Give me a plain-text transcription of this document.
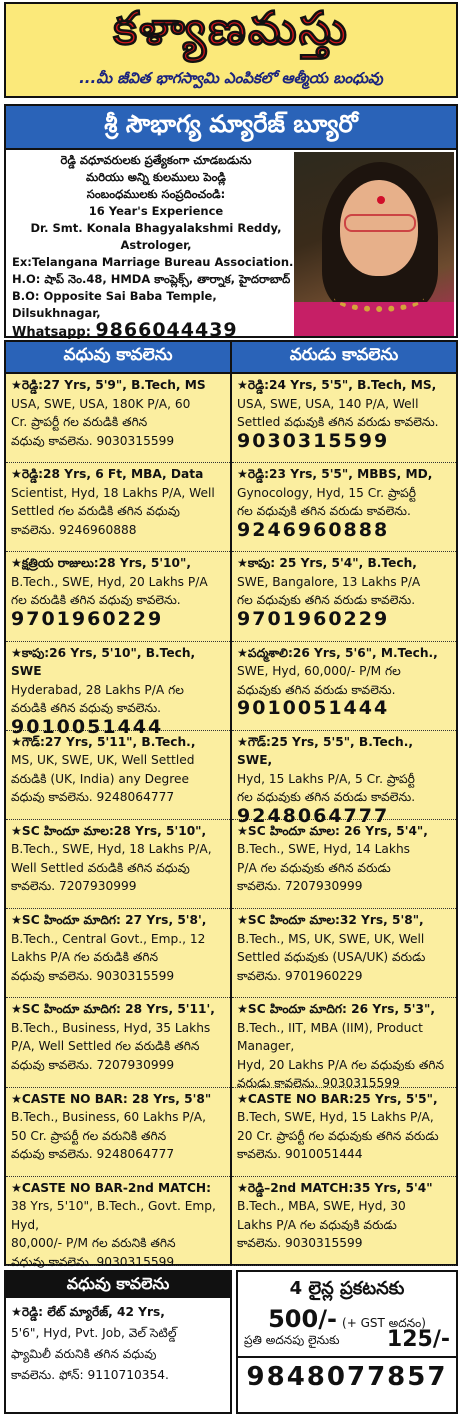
కళ్యాణమస్తు
...మీ జీవిత భాగస్వామి ఎంపికలో ఆత్మీయ బంధువు
శ్రీ సౌభాగ్య మ్యారేజ్ బ్యూరో
రెడ్డి వధూవరులకు ప్రత్యేకంగా చూడబడును
మరియు అన్ని కులములు పెండ్లి
సంబంధములకు సంప్రదించండి:
16 Year's Experience
Dr. Smt. Konala Bhagyalakshmi Reddy,
Astrologer,
Ex:Telangana Marriage Bureau Association. H.O: షాప్ నెం.48, HMDA కాంప్లెక్స్, తార్నాక, హైదరాబాద్
B.O: Opposite Sai Baba Temple, Dilsukhnagar,
Whatsapp: 9866044439
వధువు కావలెను
★రెడ్డి:27 Yrs, 5'9", B.Tech, MS
USA, SWE, USA, 180K P/A, 60
Cr. ప్రాపర్టీ గల వరుడికి తగిన
వధువు కావలెను. 9030315599
★రెడ్డి:28 Yrs, 6 Ft, MBA, Data
Scientist, Hyd, 18 Lakhs P/A, Well
Settled గల వరుడికి తగిన వధువు
కావలెను. 9246960888
★క్షత్రియ రాజులు:28 Yrs, 5'10",
B.Tech., SWE, Hyd, 20 Lakhs P/A
గల వరుడికి తగిన వధువు కావలెను.
9701960229
★కాపు:26 Yrs, 5'10", B.Tech, SWE
Hyderabad, 28 Lakhs P/A గల
వరుడికి తగిన వధువు కావలెను.
9010051444
★గౌడ్:27 Yrs, 5'11", B.Tech.,
MS, UK, SWE, UK, Well Settled
వరుడికి (UK, India) any Degree
వధువు కావలెను. 9248064777
★SC హిందూ మాల:28 Yrs, 5'10",
B.Tech., SWE, Hyd, 18 Lakhs P/A,
Well Settled వరుడికి తగిన వధువు
కావలెను. 7207930999
★SC హిందూ మాదిగ: 27 Yrs, 5'8',
B.Tech., Central Govt., Emp., 12
Lakhs P/A గల వరుడికి తగిన
వధువు కావలెను. 9030315599
★SC హిందూ మాదిగ: 28 Yrs, 5'11',
B.Tech., Business, Hyd, 35 Lakhs
P/A, Well Settled గల వరుడికి తగిన
వధువు కావలెను. 7207930999
★CASTE NO BAR: 28 Yrs, 5'8"
B.Tech., Business, 60 Lakhs P/A,
50 Cr. ప్రాపర్టీ గల వరునికి తగిన
వధువు కావలెను. 9248064777
★CASTE NO BAR-2nd MATCH:
38 Yrs, 5'10", B.Tech., Govt. Emp, Hyd,
80,000/- P/M గల వరునికి తగిన
వధువు కావలెను. 9030315599
వరుడు కావలెను
★రెడ్డి:24 Yrs, 5'5", B.Tech, MS,
USA, SWE, USA, 140 P/A, Well
Settled వధువుకి తగిన వరుడు కావలెను.
9030315599
★రెడ్డి:23 Yrs, 5'5", MBBS, MD,
Gynocology, Hyd, 15 Cr. ప్రాపర్టీ
గల వధువుకి తగిన వరుడు కావలెను.
9246960888
★కాపు: 25 Yrs, 5'4", B.Tech,
SWE, Bangalore, 13 Lakhs P/A
గల వధువుకు తగిన వరుడు కావలెను.
9701960229
★పద్మశాలి:26 Yrs, 5'6", M.Tech.,
SWE, Hyd, 60,000/- P/M గల
వధువుకు తగిన వరుడు కావలెను.
9010051444
★గౌడ్:25 Yrs, 5'5", B.Tech., SWE,
Hyd, 15 Lakhs P/A, 5 Cr. ప్రాపర్టీ
గల వధువుకు తగిన వరుడు కావలెను.
9248064777
★SC హిందూ మాల: 26 Yrs, 5'4",
B.Tech., SWE, Hyd, 14 Lakhs
P/A గల వధువుకు తగిన వరుడు
కావలెను. 7207930999
★SC హిందూ మాల:32 Yrs, 5'8",
B.Tech., MS, UK, SWE, UK, Well
Settled వధువుకు (USA/UK) వరుడు
కావలెను. 9701960229
★SC హిందూ మాదిగ: 26 Yrs, 5'3",
B.Tech., IIT, MBA (IIM), Product Manager,
Hyd, 20 Lakhs P/A గల వధువుకు తగిన
వరుడు కావలెను. 9030315599
★CASTE NO BAR:25 Yrs, 5'5",
B.Tech, SWE, Hyd, 15 Lakhs P/A,
20 Cr. ప్రాపర్టీ గల వధువుకు తగిన వరుడు
కావలెను. 9010051444
★రెడ్డి–2nd MATCH:35 Yrs, 5'4"
B.Tech., MBA, SWE, Hyd, 30
Lakhs P/A గల వధువుకి వరుడు
కావలెను. 9030315599
వధువు కావలెను
★రెడ్డి: లేట్ మ్యారేజ్, 42 Yrs,
5'6", Hyd, Pvt. Job, వెల్ సెటిల్డ్
ఫ్యామిలీ వరునికి తగిన వధువు
కావలెను. ఫోన్: 9110710354.
4 లైన్ల ప్రకటనకు
500/- (+ GST అదనం)
ప్రతి అదనపు లైనుకు 125/-
9848077857
